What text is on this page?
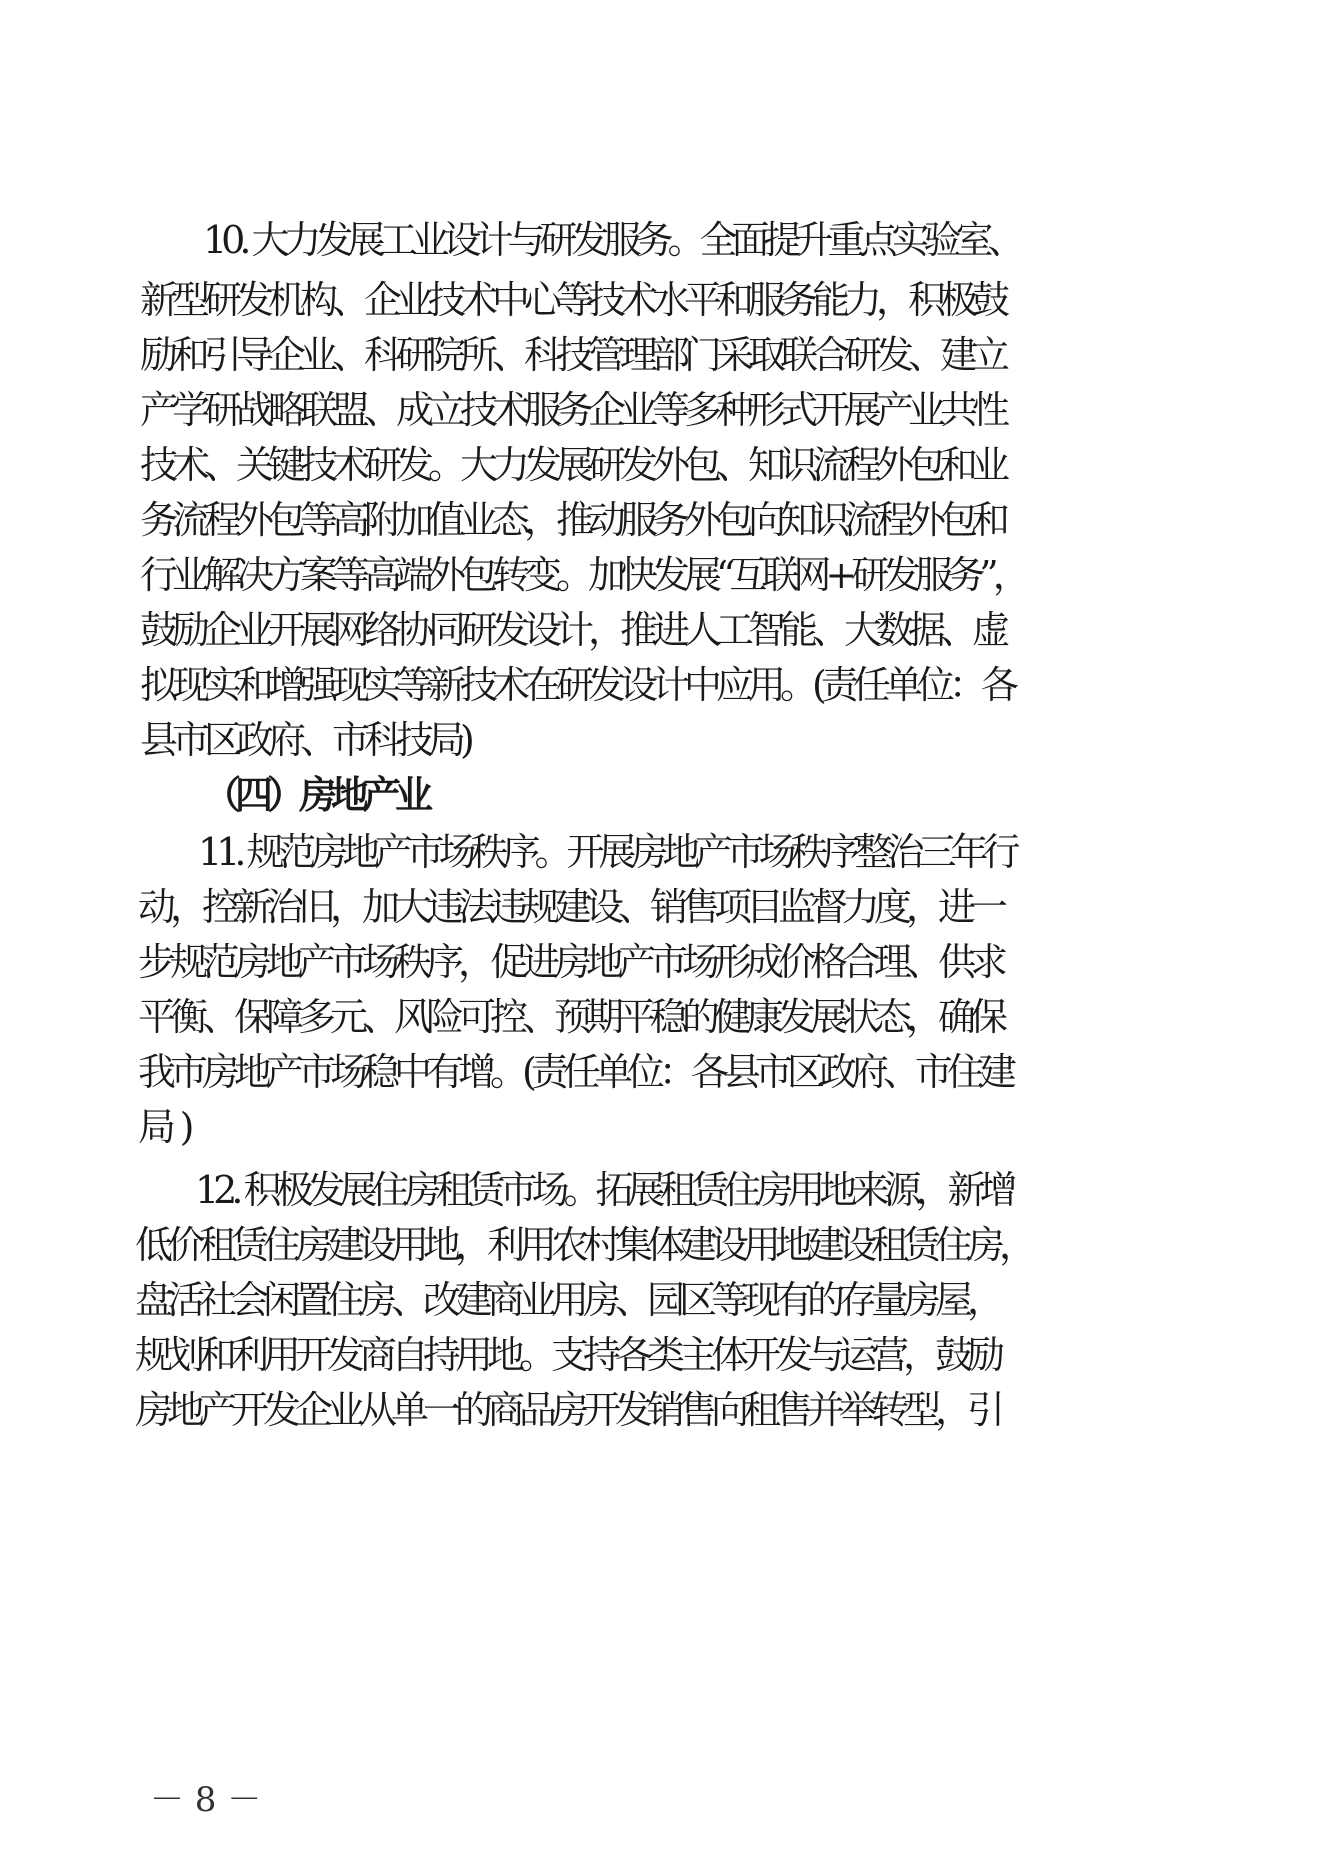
10. 大力发展工业设计与研发服务。全面提升重点实验室、
新型研发机构、企业技术中心等技术水平和服务能力，积极鼓
励和引导企业、科研院所、科技管理部门采取联合研发、建立
产学研战略联盟、成立技术服务企业等多种形式开展产业共性
技术、关键技术研发。大力发展研发外包、知识流程外包和业
务流程外包等高附加值业态，推动服务外包向知识流程外包和
行业解决方案等高端外包转变。加快发展“互联网+研发服务”，
鼓励企业开展网络协同研发设计，推进人工智能、大数据、虚
拟现实和增强现实等新技术在研发设计中应用。(责任单位：各
县市区政府、市科技局)
（四）房地产业
11. 规范房地产市场秩序。开展房地产市场秩序整治三年行
动，控新治旧，加大违法违规建设、销售项目监督力度，进一
步规范房地产市场秩序，促进房地产市场形成价格合理、供求
平衡、保障多元、风险可控、预期平稳的健康发展状态，确保
我市房地产市场稳中有增。(责任单位：各县市区政府、市住建
局)
12. 积极发展住房租赁市场。拓展租赁住房用地来源，新增
低价租赁住房建设用地，利用农村集体建设用地建设租赁住房，
盘活社会闲置住房、改建商业用房、园区等现有的存量房屋，
规划和利用开发商自持用地。支持各类主体开发与运营，鼓励
房地产开发企业从单一的商品房开发销售向租售并举转型，引
－ 8 －
